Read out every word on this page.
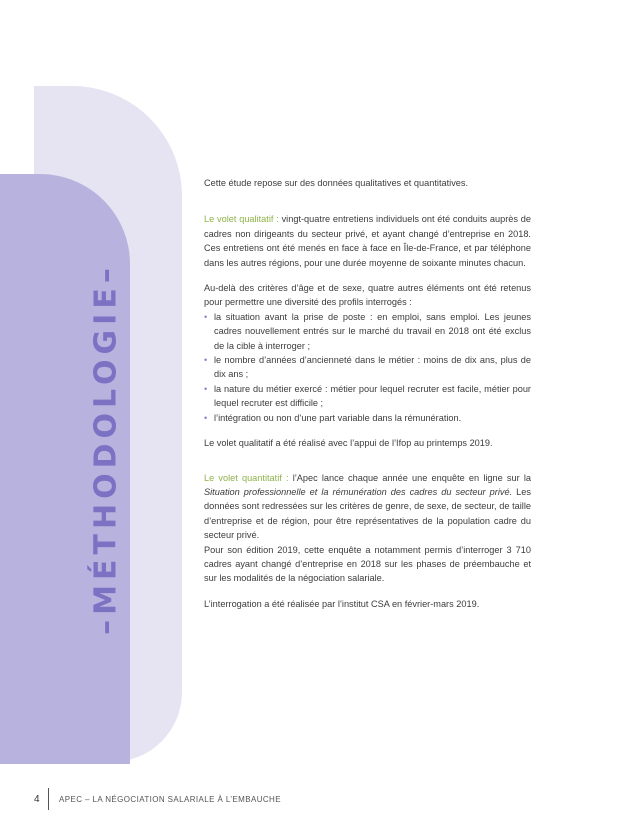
–MÉTHODOLOGIE–

Cette étude repose sur des données qualitatives et quantitatives.

Le volet qualitatif : vingt-quatre entretiens individuels ont été conduits auprès de cadres non dirigeants du secteur privé, et ayant changé d’entreprise en 2018. Ces entretiens ont été menés en face à face en Île-de-France, et par téléphone dans les autres régions, pour une durée moyenne de soixante minutes chacun.

Au-delà des critères d’âge et de sexe, quatre autres éléments ont été retenus pour permettre une diversité des profils interrogés :

• la situation avant la prise de poste : en emploi, sans emploi. Les jeunes cadres nouvellement entrés sur le marché du travail en 2018 ont été exclus de la cible à interroger ;
• le nombre d’années d’ancienneté dans le métier : moins de dix ans, plus de dix ans ;
• la nature du métier exercé : métier pour lequel recruter est facile, métier pour lequel recruter est difficile ;
• l’intégration ou non d’une part variable dans la rémunération.

Le volet qualitatif a été réalisé avec l’appui de l’Ifop au printemps 2019.

Le volet quantitatif : l’Apec lance chaque année une enquête en ligne sur la Situation professionnelle et la rémunération des cadres du secteur privé. Les données sont redressées sur les critères de genre, de sexe, de secteur, de taille d’entreprise et de région, pour être représentatives de la population cadre du secteur privé.

Pour son édition 2019, cette enquête a notamment permis d’interroger 3 710 cadres ayant changé d’entreprise en 2018 sur les phases de préembauche et sur les modalités de la négociation salariale.

L’interrogation a été réalisée par l’institut CSA en février-mars 2019.

4	APEC – LA NÉGOCIATION SALARIALE À L’EMBAUCHE
